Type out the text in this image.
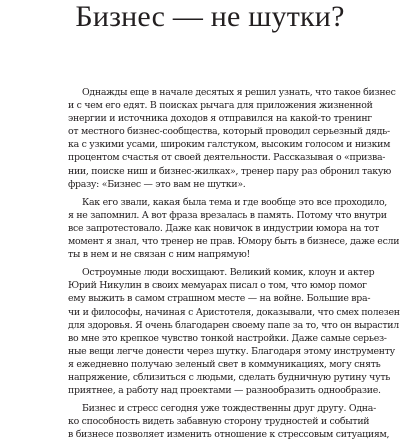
Бизнес — не шутки?
Однажды еще в начале десятых я решил узнать, что такое бизнес
и с чем его едят. В поисках рычага для приложения жизненной
энергии и источника доходов я отправился на какой-то тренинг
от местного бизнес-сообщества, который проводил серьезный дядь-
ка с узкими усами, широким галстуком, высоким голосом и низким
процентом счастья от своей деятельности. Рассказывая о «призва-
нии, поиске ниш и бизнес-жилках», тренер пару раз обронил такую
фразу: «Бизнес — это вам не шутки».
Как его звали, какая была тема и где вообще это все проходило,
я не запомнил. А вот фраза врезалась в память. Потому что внутри
все запротестовало. Даже как новичок в индустрии юмора на тот
момент я знал, что тренер не прав. Юмору быть в бизнесе, даже если
ты в нем и не связан с ним напрямую!
Остроумные люди восхищают. Великий комик, клоун и актер
Юрий Никулин в своих мемуарах писал о том, что юмор помог
ему выжить в самом страшном месте — на войне. Большие вра-
чи и философы, начиная с Аристотеля, доказывали, что смех полезен
для здоровья. Я очень благодарен своему папе за то, что он вырастил
во мне это крепкое чувство тонкой настройки. Даже самые серьез-
ные вещи легче донести через шутку. Благодаря этому инструменту
я ежедневно получаю зеленый свет в коммуникациях, могу снять
напряжение, сблизиться с людьми, сделать будничную рутину чуть
приятнее, а работу над проектами — разнообразить однообразие.
Бизнес и стресс сегодня уже тождественны друг другу. Одна-
ко способность видеть забавную сторону трудностей и событий
в бизнесе позволяет изменить отношение к стрессовым ситуациям,
